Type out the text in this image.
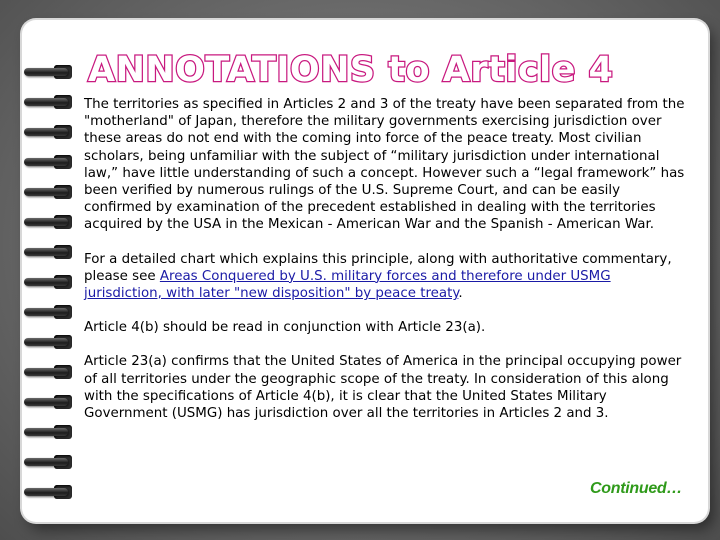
ANNOTATIONS to Article 4

The territories as specified in Articles 2 and 3 of the treaty have been separated from the "motherland" of Japan, therefore the military governments exercising jurisdiction over these areas do not end with the coming into force of the peace treaty. Most civilian scholars, being unfamiliar with the subject of “military jurisdiction under international law,” have little understanding of such a concept. However such a “legal framework” has been verified by numerous rulings of the U.S. Supreme Court, and can be easily confirmed by examination of the precedent established in dealing with the territories acquired by the USA in the Mexican - American War and the Spanish - American War.

For a detailed chart which explains this principle, along with authoritative commentary, please see Areas Conquered by U.S. military forces and therefore under USMG jurisdiction, with later "new disposition" by peace treaty.

Article 4(b) should be read in conjunction with Article 23(a).

Article 23(a) confirms that the United States of America in the principal occupying power of all territories under the geographic scope of the treaty. In consideration of this along with the specifications of Article 4(b), it is clear that the United States Military Government (USMG) has jurisdiction over all the territories in Articles 2 and 3.

Continued…
